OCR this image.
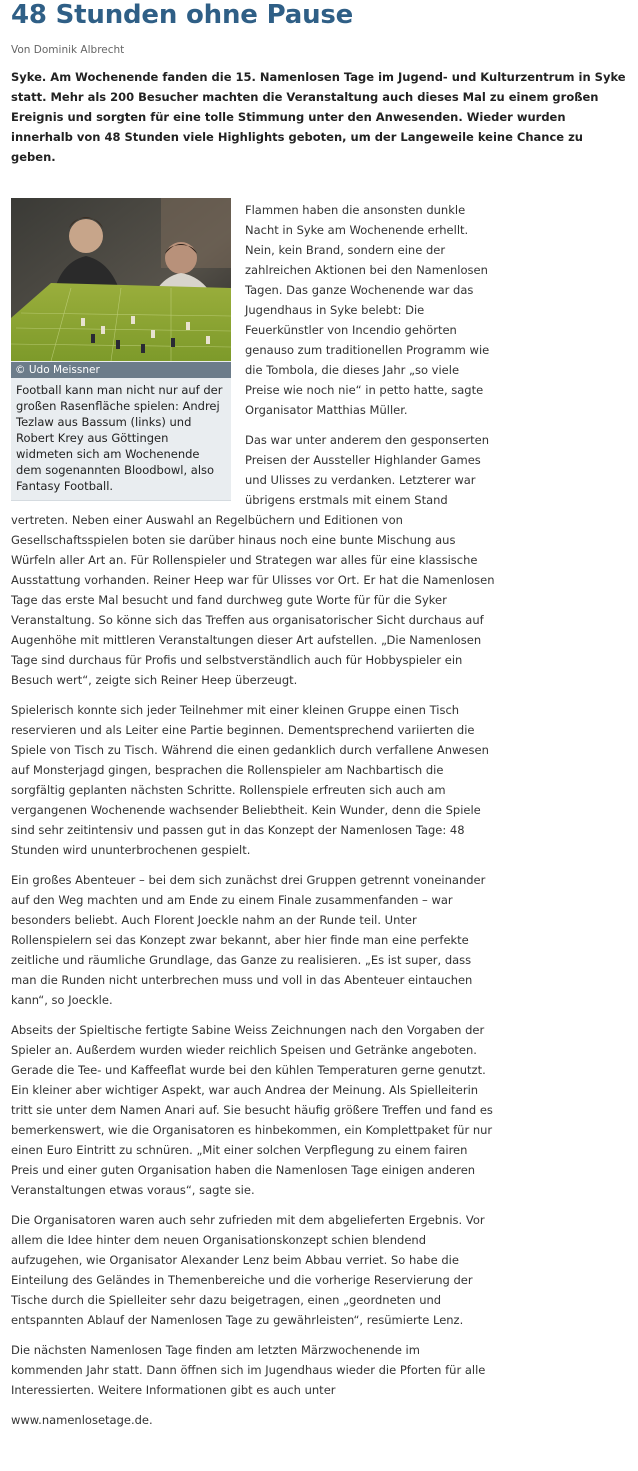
48 Stunden ohne Pause
Von Dominik Albrecht
Syke. Am Wochenende fanden die 15. Namenlosen Tage im Jugend- und Kulturzentrum in Syke statt. Mehr als 200 Besucher machten die Veranstaltung auch dieses Mal zu einem großen Ereignis und sorgten für eine tolle Stimmung unter den Anwesenden. Wieder wurden innerhalb von 48 Stunden viele Highlights geboten, um der Langeweile keine Chance zu geben.
© Udo Meissner
Football kann man nicht nur auf der großen Rasenfläche spielen: Andrej Tezlaw aus Bassum (links) und Robert Krey aus Göttingen widmeten sich am Wochenende dem sogenannten Bloodbowl, also Fantasy Football.

Flammen haben die ansonsten dunkle Nacht in Syke am Wochenende erhellt. Nein, kein Brand, sondern eine der zahlreichen Aktionen bei den Namenlosen Tagen. Das ganze Wochenende war das Jugendhaus in Syke belebt: Die Feuerkünstler von Incendio gehörten genauso zum traditionellen Programm wie die Tombola, die dieses Jahr „so viele Preise wie noch nie“ in petto hatte, sagte Organisator Matthias Müller.

Das war unter anderem den gesponserten Preisen der Aussteller Highlander Games und Ulisses zu verdanken. Letzterer war übrigens erstmals mit einem Stand vertreten. Neben einer Auswahl an Regelbüchern und Editionen von Gesellschaftsspielen boten sie darüber hinaus noch eine bunte Mischung aus Würfeln aller Art an. Für Rollenspieler und Strategen war alles für eine klassische Ausstattung vorhanden. Reiner Heep war für Ulisses vor Ort. Er hat die Namenlosen Tage das erste Mal besucht und fand durchweg gute Worte für für die Syker Veranstaltung. So könne sich das Treffen aus organisatorischer Sicht durchaus auf Augenhöhe mit mittleren Veranstaltungen dieser Art aufstellen. „Die Namenlosen Tage sind durchaus für Profis und selbstverständlich auch für Hobbyspieler ein Besuch wert“, zeigte sich Reiner Heep überzeugt.

Spielerisch konnte sich jeder Teilnehmer mit einer kleinen Gruppe einen Tisch reservieren und als Leiter eine Partie beginnen. Dementsprechend variierten die Spiele von Tisch zu Tisch. Während die einen gedanklich durch verfallene Anwesen auf Monsterjagd gingen, besprachen die Rollenspieler am Nachbartisch die sorgfältig geplanten nächsten Schritte. Rollenspiele erfreuten sich auch am vergangenen Wochenende wachsender Beliebtheit. Kein Wunder, denn die Spiele sind sehr zeitintensiv und passen gut in das Konzept der Namenlosen Tage: 48 Stunden wird ununterbrochenen gespielt.

Ein großes Abenteuer – bei dem sich zunächst drei Gruppen getrennt voneinander auf den Weg machten und am Ende zu einem Finale zusammenfanden – war besonders beliebt. Auch Florent Joeckle nahm an der Runde teil. Unter Rollenspielern sei das Konzept zwar bekannt, aber hier finde man eine perfekte zeitliche und räumliche Grundlage, das Ganze zu realisieren. „Es ist super, dass man die Runden nicht unterbrechen muss und voll in das Abenteuer eintauchen kann“, so Joeckle.

Abseits der Spieltische fertigte Sabine Weiss Zeichnungen nach den Vorgaben der Spieler an. Außerdem wurden wieder reichlich Speisen und Getränke angeboten. Gerade die Tee- und Kaffeeflat wurde bei den kühlen Temperaturen gerne genutzt. Ein kleiner aber wichtiger Aspekt, war auch Andrea der Meinung. Als Spielleiterin tritt sie unter dem Namen Anari auf. Sie besucht häufig größere Treffen und fand es bemerkenswert, wie die Organisatoren es hinbekommen, ein Komplettpaket für nur einen Euro Eintritt zu schnüren. „Mit einer solchen Verpflegung zu einem fairen Preis und einer guten Organisation haben die Namenlosen Tage einigen anderen Veranstaltungen etwas voraus“, sagte sie.

Die Organisatoren waren auch sehr zufrieden mit dem abgelieferten Ergebnis. Vor allem die Idee hinter dem neuen Organisationskonzept schien blendend aufzugehen, wie Organisator Alexander Lenz beim Abbau verriet. So habe die Einteilung des Geländes in Themenbereiche und die vorherige Reservierung der Tische durch die Spielleiter sehr dazu beigetragen, einen „geordneten und entspannten Ablauf der Namenlosen Tage zu gewährleisten“, resümierte Lenz.

Die nächsten Namenlosen Tage finden am letzten Märzwochenende im kommenden Jahr statt. Dann öffnen sich im Jugendhaus wieder die Pforten für alle Interessierten. Weitere Informationen gibt es auch unter

www.namenlosetage.de.
